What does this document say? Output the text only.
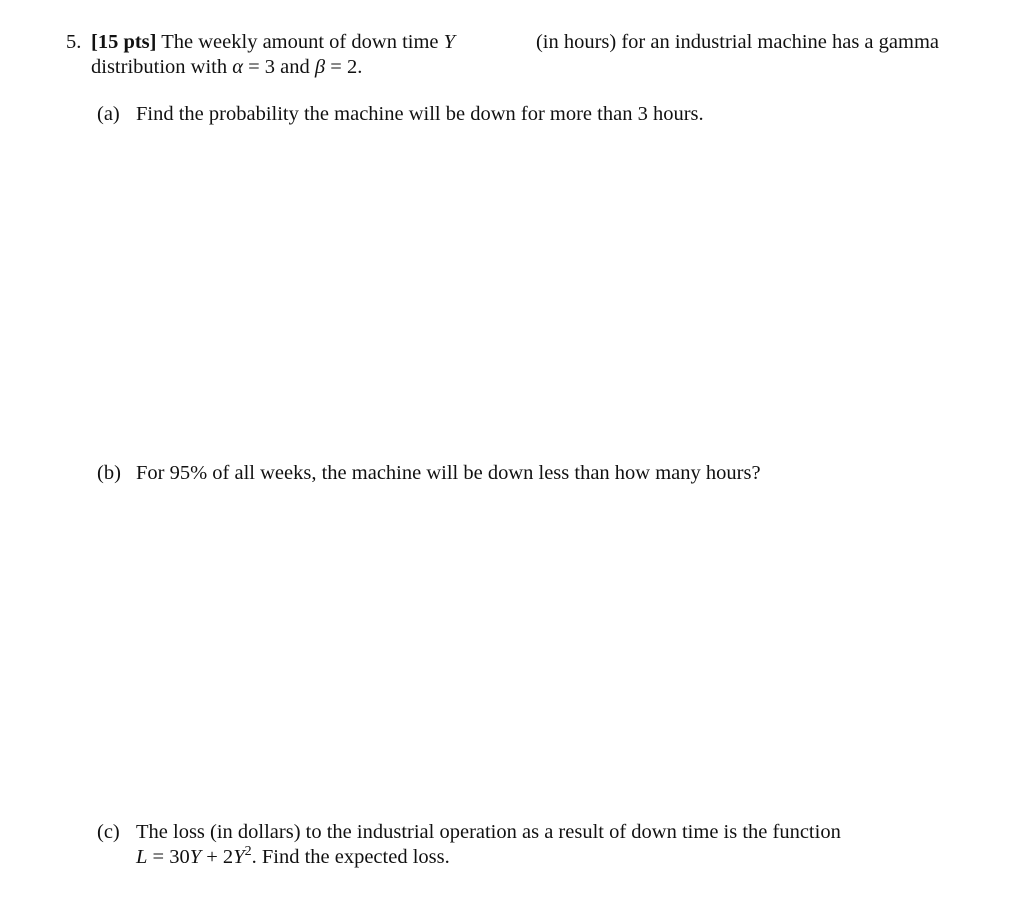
5. [15 pts] The weekly amount of down time Y	(in hours) for an industrial machine has a gamma
distribution with α = 3 and β = 2.
(a) Find the probability the machine will be down for more than 3 hours.
(b) For 95% of all weeks, the machine will be down less than how many hours?
(c) The loss (in dollars) to the industrial operation as a result of down time is the function
$L = 30Y + 2Y^2$. Find the expected loss.
